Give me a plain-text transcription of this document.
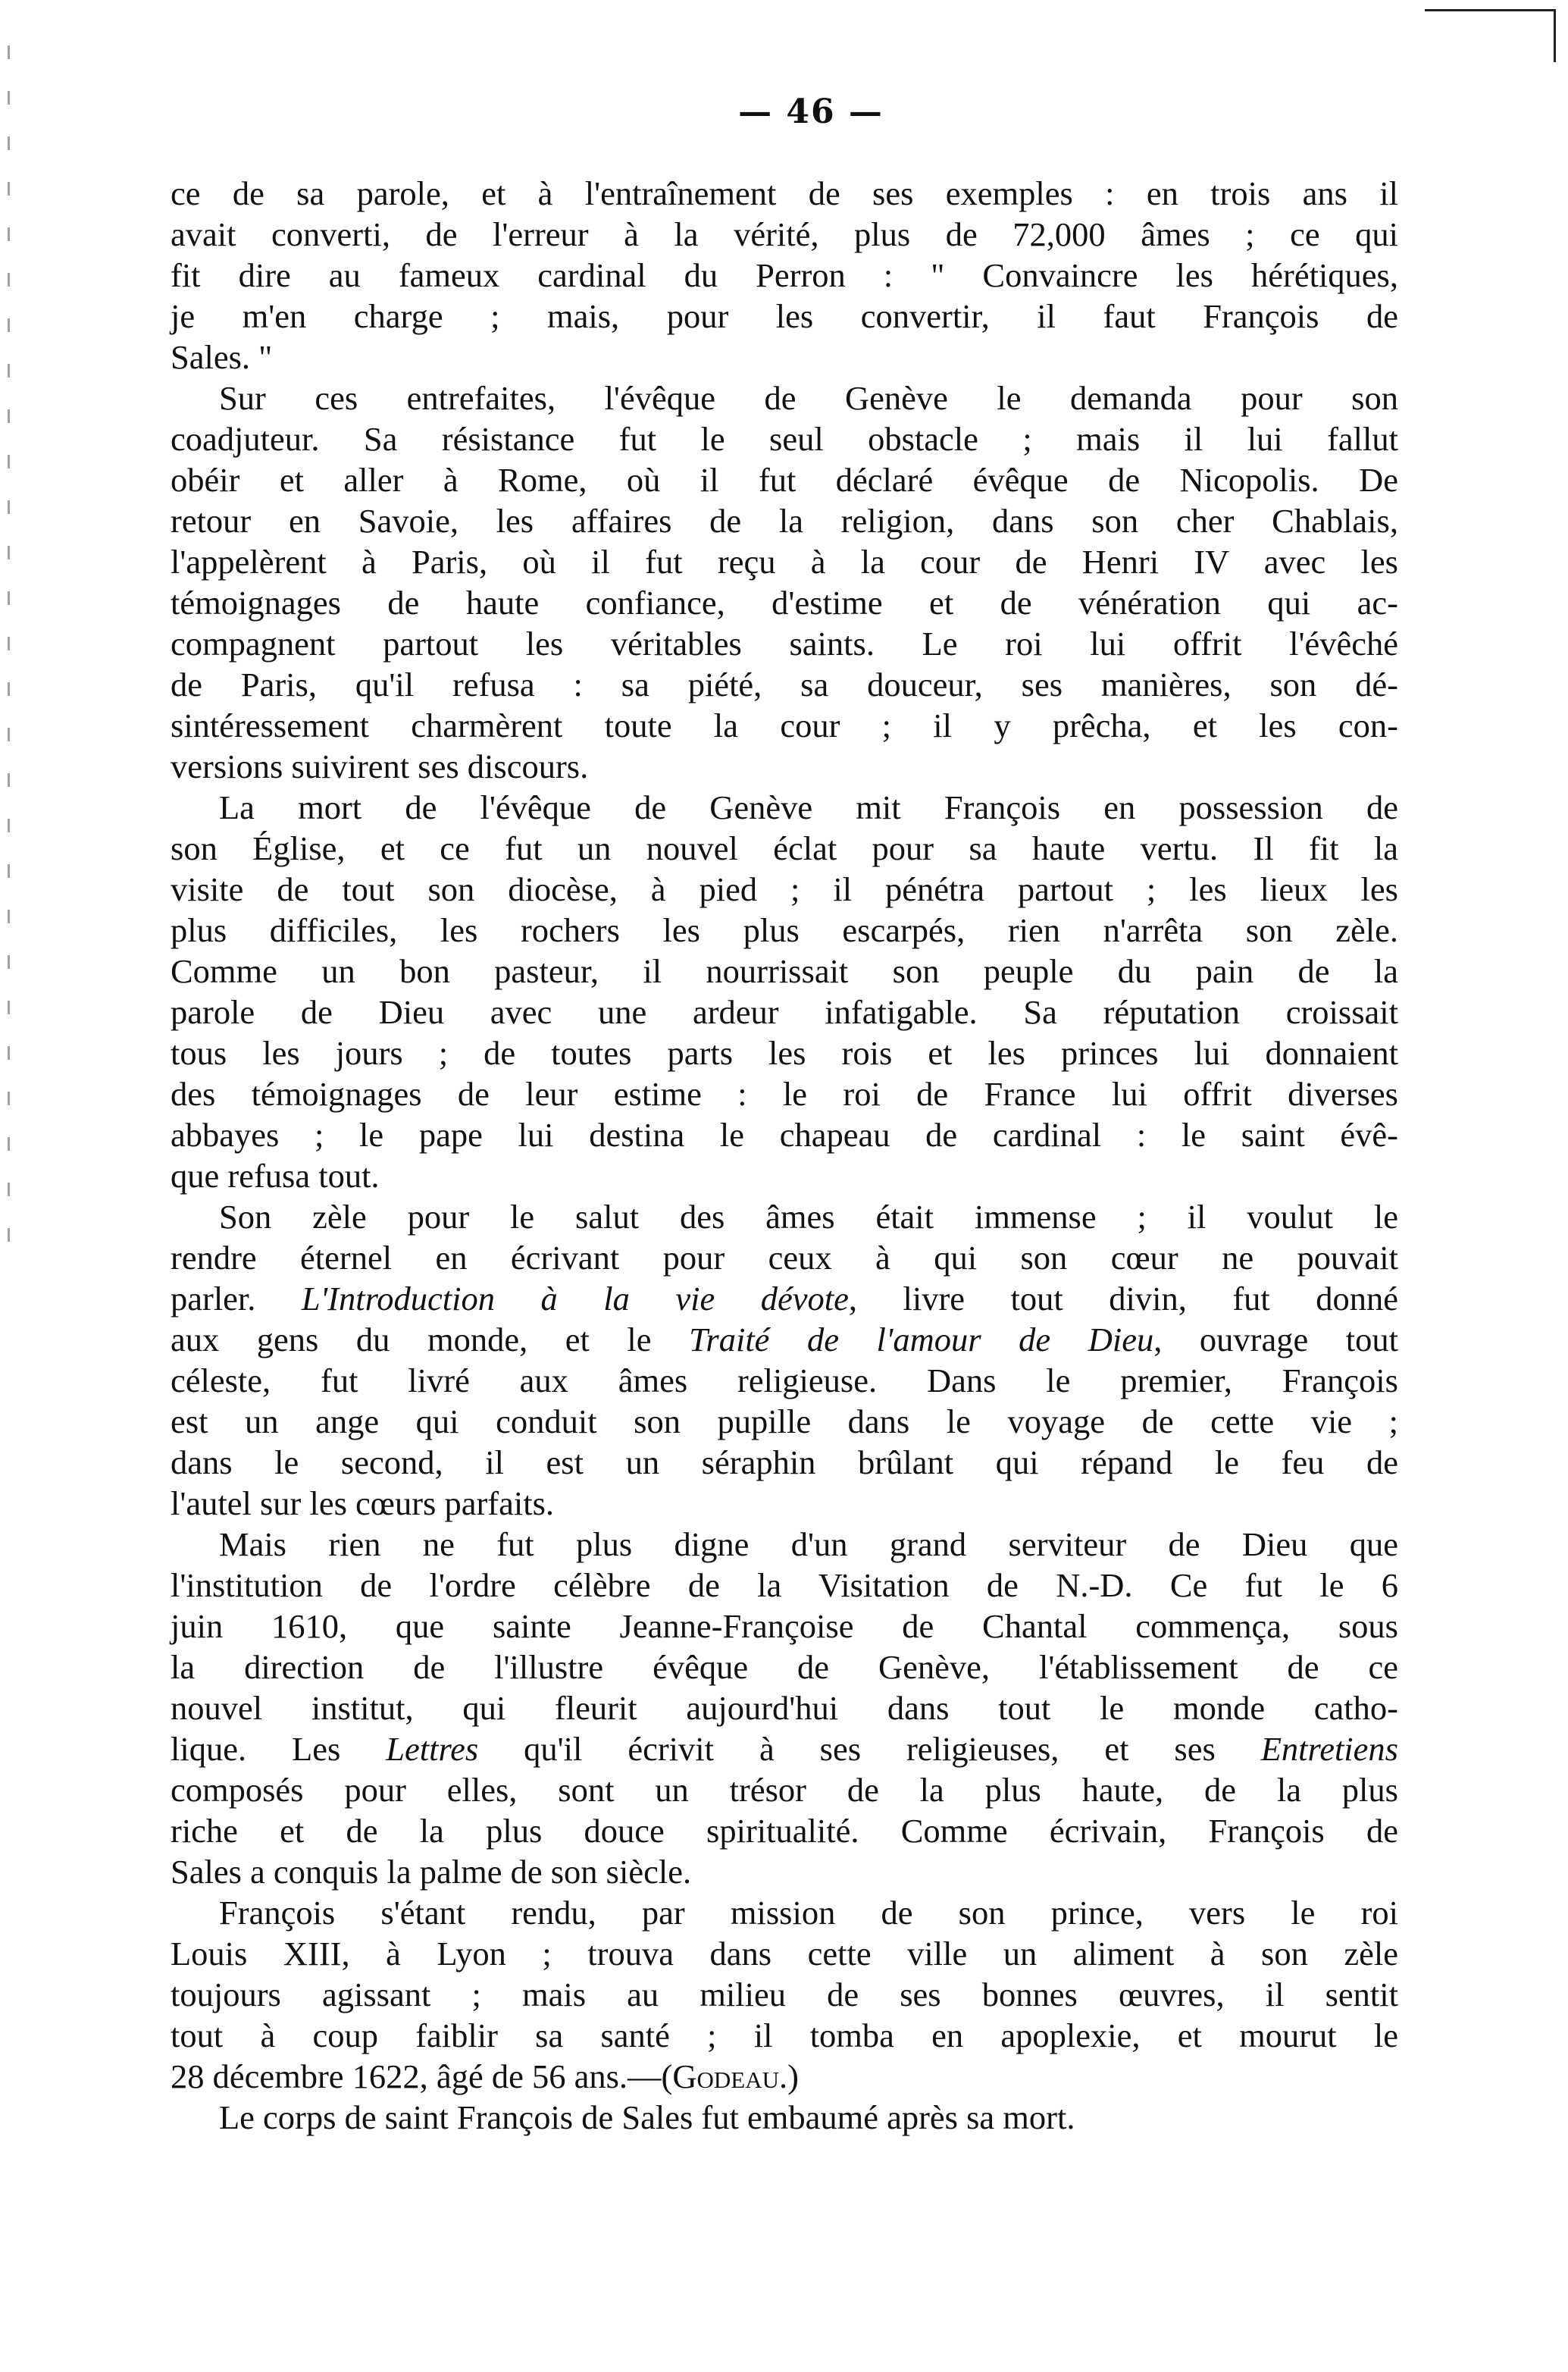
— 46 —

ce de sa parole, et à l'entraînement de ses exemples : en trois ans il
avait converti, de l'erreur à la vérité, plus de 72,000 âmes ; ce qui
fit dire au fameux cardinal du Perron : " Convaincre les hérétiques,
je m'en charge ; mais, pour les convertir, il faut François de
Sales. "

Sur ces entrefaites, l'évêque de Genève le demanda pour son
coadjuteur. Sa résistance fut le seul obstacle ; mais il lui fallut
obéir et aller à Rome, où il fut déclaré évêque de Nicopolis. De
retour en Savoie, les affaires de la religion, dans son cher Chablais,
l'appelèrent à Paris, où il fut reçu à la cour de Henri IV avec les
témoignages de haute confiance, d'estime et de vénération qui ac-
compagnent partout les véritables saints. Le roi lui offrit l'évêché
de Paris, qu'il refusa : sa piété, sa douceur, ses manières, son dé-
sintéressement charmèrent toute la cour ; il y prêcha, et les con-
versions suivirent ses discours.

La mort de l'évêque de Genève mit François en possession de
son Église, et ce fut un nouvel éclat pour sa haute vertu. Il fit la
visite de tout son diocèse, à pied ; il pénétra partout ; les lieux les
plus difficiles, les rochers les plus escarpés, rien n'arrêta son zèle.
Comme un bon pasteur, il nourrissait son peuple du pain de la
parole de Dieu avec une ardeur infatigable. Sa réputation croissait
tous les jours ; de toutes parts les rois et les princes lui donnaient
des témoignages de leur estime : le roi de France lui offrit diverses
abbayes ; le pape lui destina le chapeau de cardinal : le saint évê-
que refusa tout.

Son zèle pour le salut des âmes était immense ; il voulut le
rendre éternel en écrivant pour ceux à qui son cœur ne pouvait
parler. L'Introduction à la vie dévote, livre tout divin, fut donné
aux gens du monde, et le Traité de l'amour de Dieu, ouvrage tout
céleste, fut livré aux âmes religieuse. Dans le premier, François
est un ange qui conduit son pupille dans le voyage de cette vie ;
dans le second, il est un séraphin brûlant qui répand le feu de
l'autel sur les cœurs parfaits.

Mais rien ne fut plus digne d'un grand serviteur de Dieu que
l'institution de l'ordre célèbre de la Visitation de N.-D. Ce fut le 6
juin 1610, que sainte Jeanne-Françoise de Chantal commença, sous
la direction de l'illustre évêque de Genève, l'établissement de ce
nouvel institut, qui fleurit aujourd'hui dans tout le monde catho-
lique. Les Lettres qu'il écrivit à ses religieuses, et ses Entretiens
composés pour elles, sont un trésor de la plus haute, de la plus
riche et de la plus douce spiritualité. Comme écrivain, François de
Sales a conquis la palme de son siècle.

François s'étant rendu, par mission de son prince, vers le roi
Louis XIII, à Lyon ; trouva dans cette ville un aliment à son zèle
toujours agissant ; mais au milieu de ses bonnes œuvres, il sentit
tout à coup faiblir sa santé ; il tomba en apoplexie, et mourut le
28 décembre 1622, âgé de 56 ans.—(Godeau.)

Le corps de saint François de Sales fut embaumé après sa mort.
